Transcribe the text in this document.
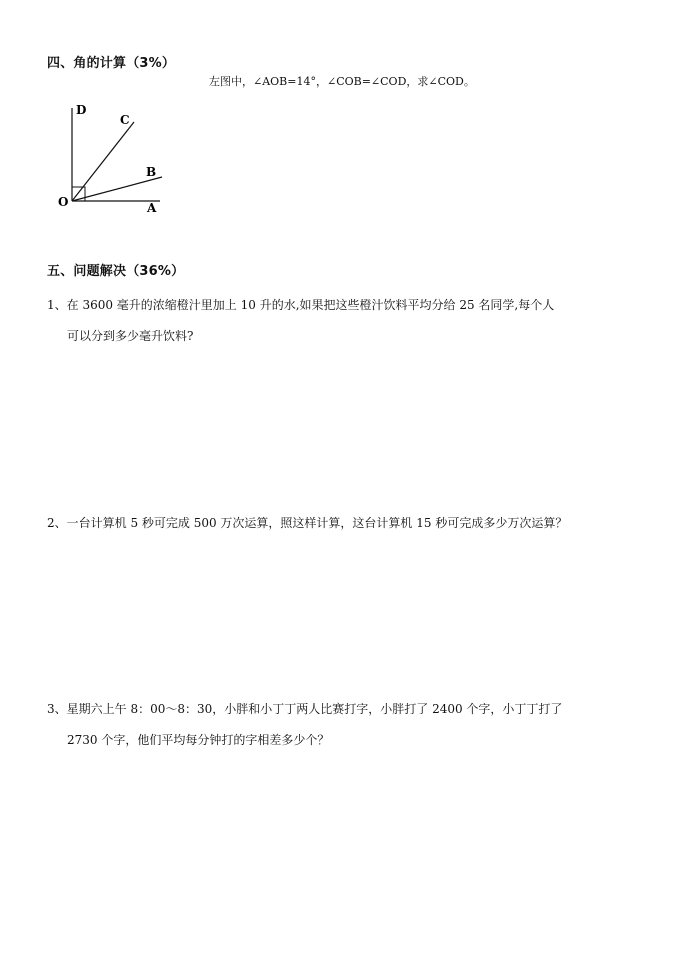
四、角的计算（3%）
左图中，∠AOB=14°，∠COB=∠COD，求∠COD。
D
C
B
O	A
五、问题解决（36%）
1、在 3600 毫升的浓缩橙汁里加上 10 升的水,如果把这些橙汁饮料平均分给 25 名同学,每个人
可以分到多少毫升饮料?
2、一台计算机 5 秒可完成 500 万次运算，照这样计算，这台计算机 15 秒可完成多少万次运算？
3、星期六上午 8：00～8：30，小胖和小丁丁两人比赛打字，小胖打了 2400 个字，小丁丁打了
2730 个字，他们平均每分钟打的字相差多少个？
